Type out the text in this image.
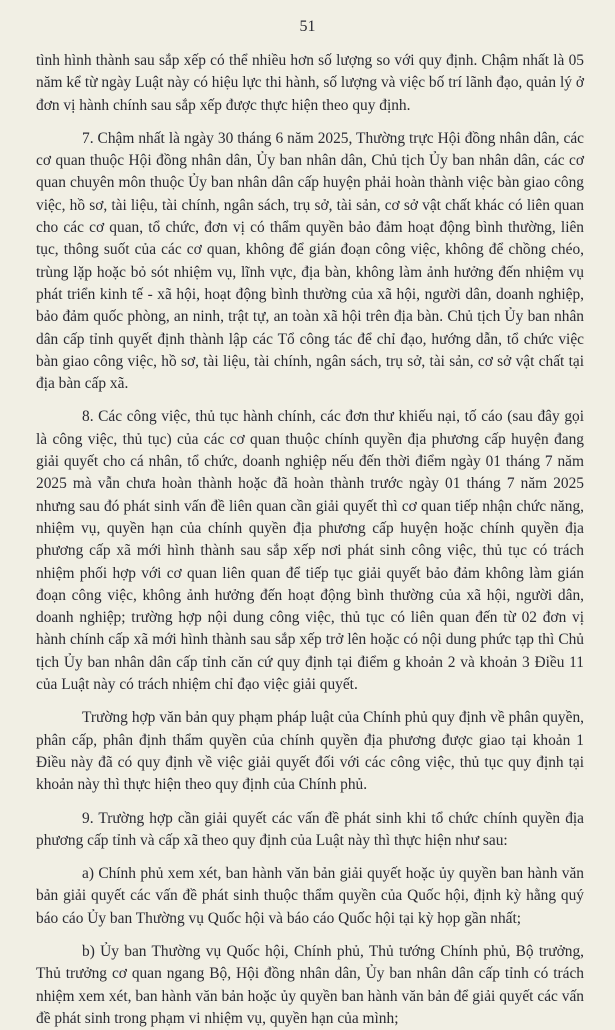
51

tình hình thành sau sắp xếp có thể nhiều hơn số lượng so với quy định. Chậm nhất là 05 năm kể từ ngày Luật này có hiệu lực thi hành, số lượng và việc bố trí lãnh đạo, quản lý ở đơn vị hành chính sau sắp xếp được thực hiện theo quy định.

7. Chậm nhất là ngày 30 tháng 6 năm 2025, Thường trực Hội đồng nhân dân, các cơ quan thuộc Hội đồng nhân dân, Ủy ban nhân dân, Chủ tịch Ủy ban nhân dân, các cơ quan chuyên môn thuộc Ủy ban nhân dân cấp huyện phải hoàn thành việc bàn giao công việc, hồ sơ, tài liệu, tài chính, ngân sách, trụ sở, tài sản, cơ sở vật chất khác có liên quan cho các cơ quan, tổ chức, đơn vị có thẩm quyền bảo đảm hoạt động bình thường, liên tục, thông suốt của các cơ quan, không để gián đoạn công việc, không để chồng chéo, trùng lặp hoặc bỏ sót nhiệm vụ, lĩnh vực, địa bàn, không làm ảnh hưởng đến nhiệm vụ phát triển kinh tế - xã hội, hoạt động bình thường của xã hội, người dân, doanh nghiệp, bảo đảm quốc phòng, an ninh, trật tự, an toàn xã hội trên địa bàn. Chủ tịch Ủy ban nhân dân cấp tỉnh quyết định thành lập các Tổ công tác để chỉ đạo, hướng dẫn, tổ chức việc bàn giao công việc, hồ sơ, tài liệu, tài chính, ngân sách, trụ sở, tài sản, cơ sở vật chất tại địa bàn cấp xã.

8. Các công việc, thủ tục hành chính, các đơn thư khiếu nại, tố cáo (sau đây gọi là công việc, thủ tục) của các cơ quan thuộc chính quyền địa phương cấp huyện đang giải quyết cho cá nhân, tổ chức, doanh nghiệp nếu đến thời điểm ngày 01 tháng 7 năm 2025 mà vẫn chưa hoàn thành hoặc đã hoàn thành trước ngày 01 tháng 7 năm 2025 nhưng sau đó phát sinh vấn đề liên quan cần giải quyết thì cơ quan tiếp nhận chức năng, nhiệm vụ, quyền hạn của chính quyền địa phương cấp huyện hoặc chính quyền địa phương cấp xã mới hình thành sau sắp xếp nơi phát sinh công việc, thủ tục có trách nhiệm phối hợp với cơ quan liên quan để tiếp tục giải quyết bảo đảm không làm gián đoạn công việc, không ảnh hưởng đến hoạt động bình thường của xã hội, người dân, doanh nghiệp; trường hợp nội dung công việc, thủ tục có liên quan đến từ 02 đơn vị hành chính cấp xã mới hình thành sau sắp xếp trở lên hoặc có nội dung phức tạp thì Chủ tịch Ủy ban nhân dân cấp tỉnh căn cứ quy định tại điểm g khoản 2 và khoản 3 Điều 11 của Luật này có trách nhiệm chỉ đạo việc giải quyết.

Trường hợp văn bản quy phạm pháp luật của Chính phủ quy định về phân quyền, phân cấp, phân định thẩm quyền của chính quyền địa phương được giao tại khoản 1 Điều này đã có quy định về việc giải quyết đối với các công việc, thủ tục quy định tại khoản này thì thực hiện theo quy định của Chính phủ.

9. Trường hợp cần giải quyết các vấn đề phát sinh khi tổ chức chính quyền địa phương cấp tỉnh và cấp xã theo quy định của Luật này thì thực hiện như sau:

a) Chính phủ xem xét, ban hành văn bản giải quyết hoặc ủy quyền ban hành văn bản giải quyết các vấn đề phát sinh thuộc thẩm quyền của Quốc hội, định kỳ hằng quý báo cáo Ủy ban Thường vụ Quốc hội và báo cáo Quốc hội tại kỳ họp gần nhất;

b) Ủy ban Thường vụ Quốc hội, Chính phủ, Thủ tướng Chính phủ, Bộ trưởng, Thủ trưởng cơ quan ngang Bộ, Hội đồng nhân dân, Ủy ban nhân dân cấp tỉnh có trách nhiệm xem xét, ban hành văn bản hoặc ủy quyền ban hành văn bản để giải quyết các vấn đề phát sinh trong phạm vi nhiệm vụ, quyền hạn của mình;
